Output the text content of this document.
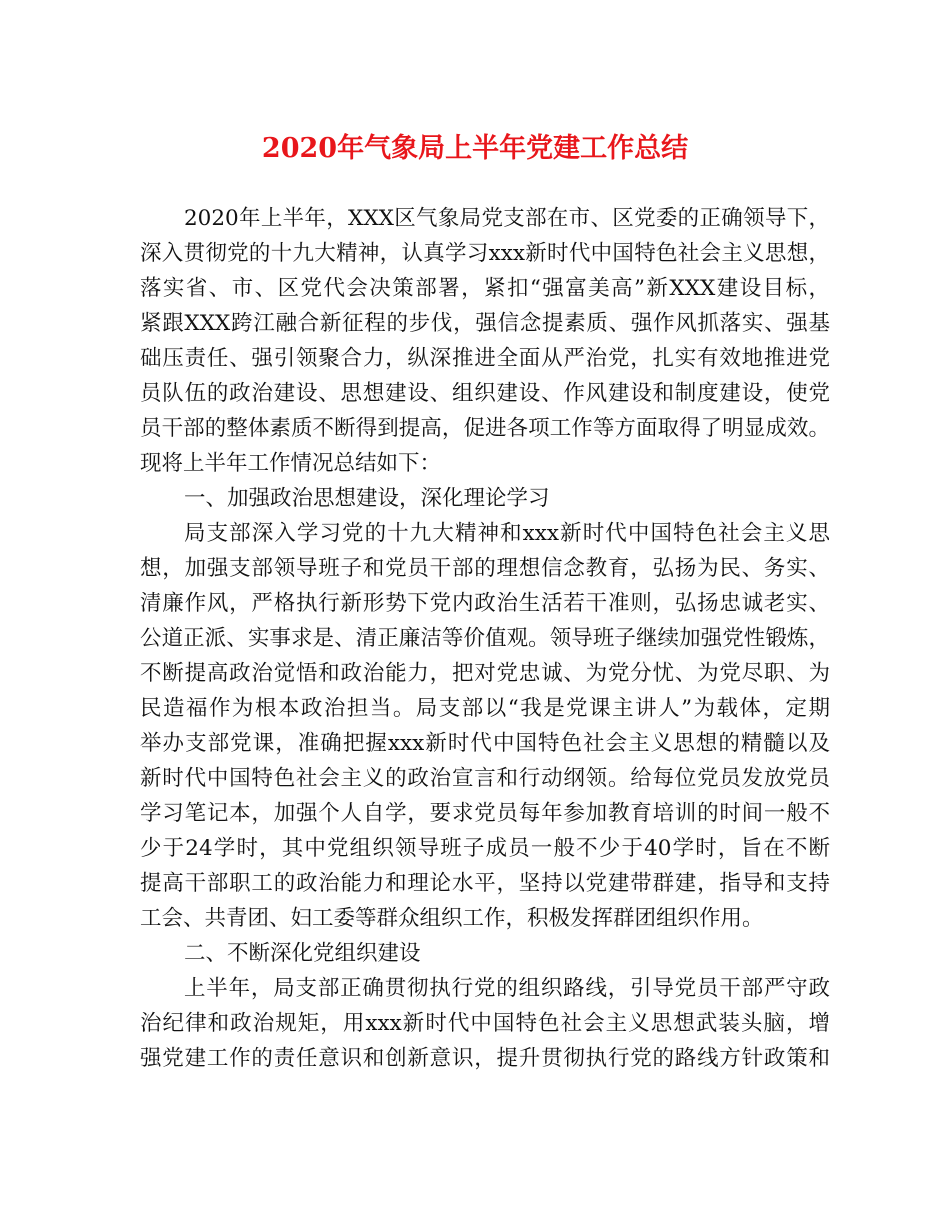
2020年气象局上半年党建工作总结

2020年上半年，XXX区气象局党支部在市、区党委的正确领导下，

深入贯彻党的十九大精神，认真学习xxx新时代中国特色社会主义思想，

落实省、市、区党代会决策部署，紧扣“强富美高”新XXX建设目标，

紧跟XXX跨江融合新征程的步伐，强信念提素质、强作风抓落实、强基

础压责任、强引领聚合力，纵深推进全面从严治党，扎实有效地推进党

员队伍的政治建设、思想建设、组织建设、作风建设和制度建设，使党

员干部的整体素质不断得到提高，促进各项工作等方面取得了明显成效。

现将上半年工作情况总结如下：

一、加强政治思想建设，深化理论学习

局支部深入学习党的十九大精神和xxx新时代中国特色社会主义思

想，加强支部领导班子和党员干部的理想信念教育，弘扬为民、务实、

清廉作风，严格执行新形势下党内政治生活若干准则，弘扬忠诚老实、

公道正派、实事求是、清正廉洁等价值观。领导班子继续加强党性锻炼，

不断提高政治觉悟和政治能力，把对党忠诚、为党分忧、为党尽职、为

民造福作为根本政治担当。局支部以“我是党课主讲人”为载体，定期

举办支部党课，准确把握xxx新时代中国特色社会主义思想的精髓以及

新时代中国特色社会主义的政治宣言和行动纲领。给每位党员发放党员

学习笔记本，加强个人自学，要求党员每年参加教育培训的时间一般不

少于24学时，其中党组织领导班子成员一般不少于40学时，旨在不断

提高干部职工的政治能力和理论水平，坚持以党建带群建，指导和支持

工会、共青团、妇工委等群众组织工作，积极发挥群团组织作用。

二、不断深化党组织建设

上半年，局支部正确贯彻执行党的组织路线，引导党员干部严守政

治纪律和政治规矩，用xxx新时代中国特色社会主义思想武装头脑，增

强党建工作的责任意识和创新意识，提升贯彻执行党的路线方针政策和
